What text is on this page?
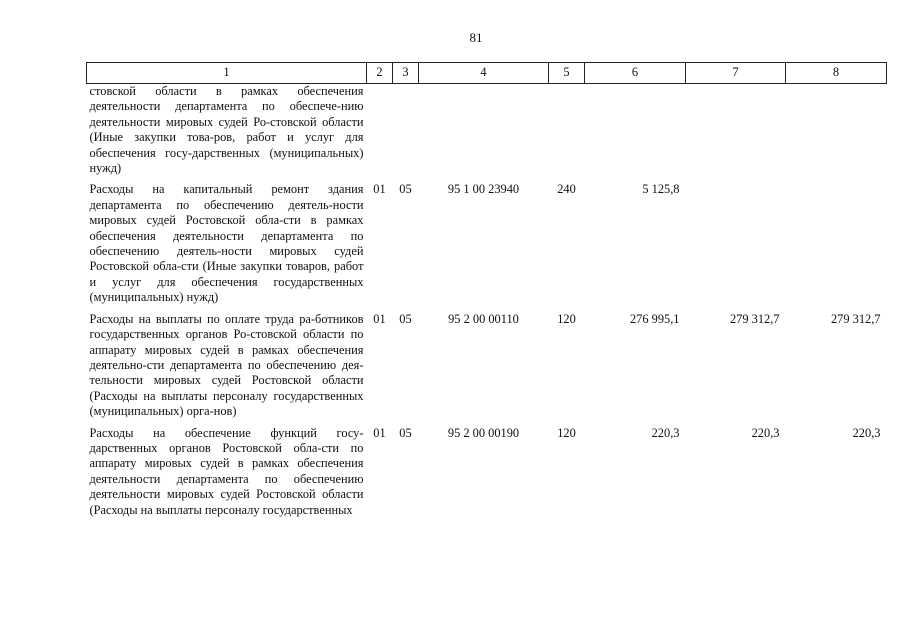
81
1	2	3	4	5	6	7	8
стовской области в рамках обеспечения деятельности департамента по обеспече-нию деятельности мировых судей Ро-стовской области (Иные закупки това-ров, работ и услуг для обеспечения госу-дарственных (муниципальных) нужд)							
Расходы на капитальный ремонт здания департамента по обеспечению деятель-ности мировых судей Ростовской обла-сти в рамках обеспечения деятельности департамента по обеспечению деятель-ности мировых судей Ростовской обла-сти (Иные закупки товаров, работ и услуг для обеспечения государственных (муниципальных) нужд)	01	05	95 1 00 23940	240	5 125,8		
Расходы на выплаты по оплате труда ра-ботников государственных органов Ро-стовской области по аппарату мировых судей в рамках обеспечения деятельно-сти департамента по обеспечению дея-тельности мировых судей Ростовской области (Расходы на выплаты персоналу государственных (муниципальных) орга-нов)	01	05	95 2 00 00110	120	276 995,1	279 312,7	279 312,7
Расходы на обеспечение функций госу-дарственных органов Ростовской обла-сти по аппарату мировых судей в рамках обеспечения деятельности департамента по обеспечению деятельности мировых судей Ростовской области (Расходы на выплаты персоналу государственных	01	05	95 2 00 00190	120	220,3	220,3	220,3
